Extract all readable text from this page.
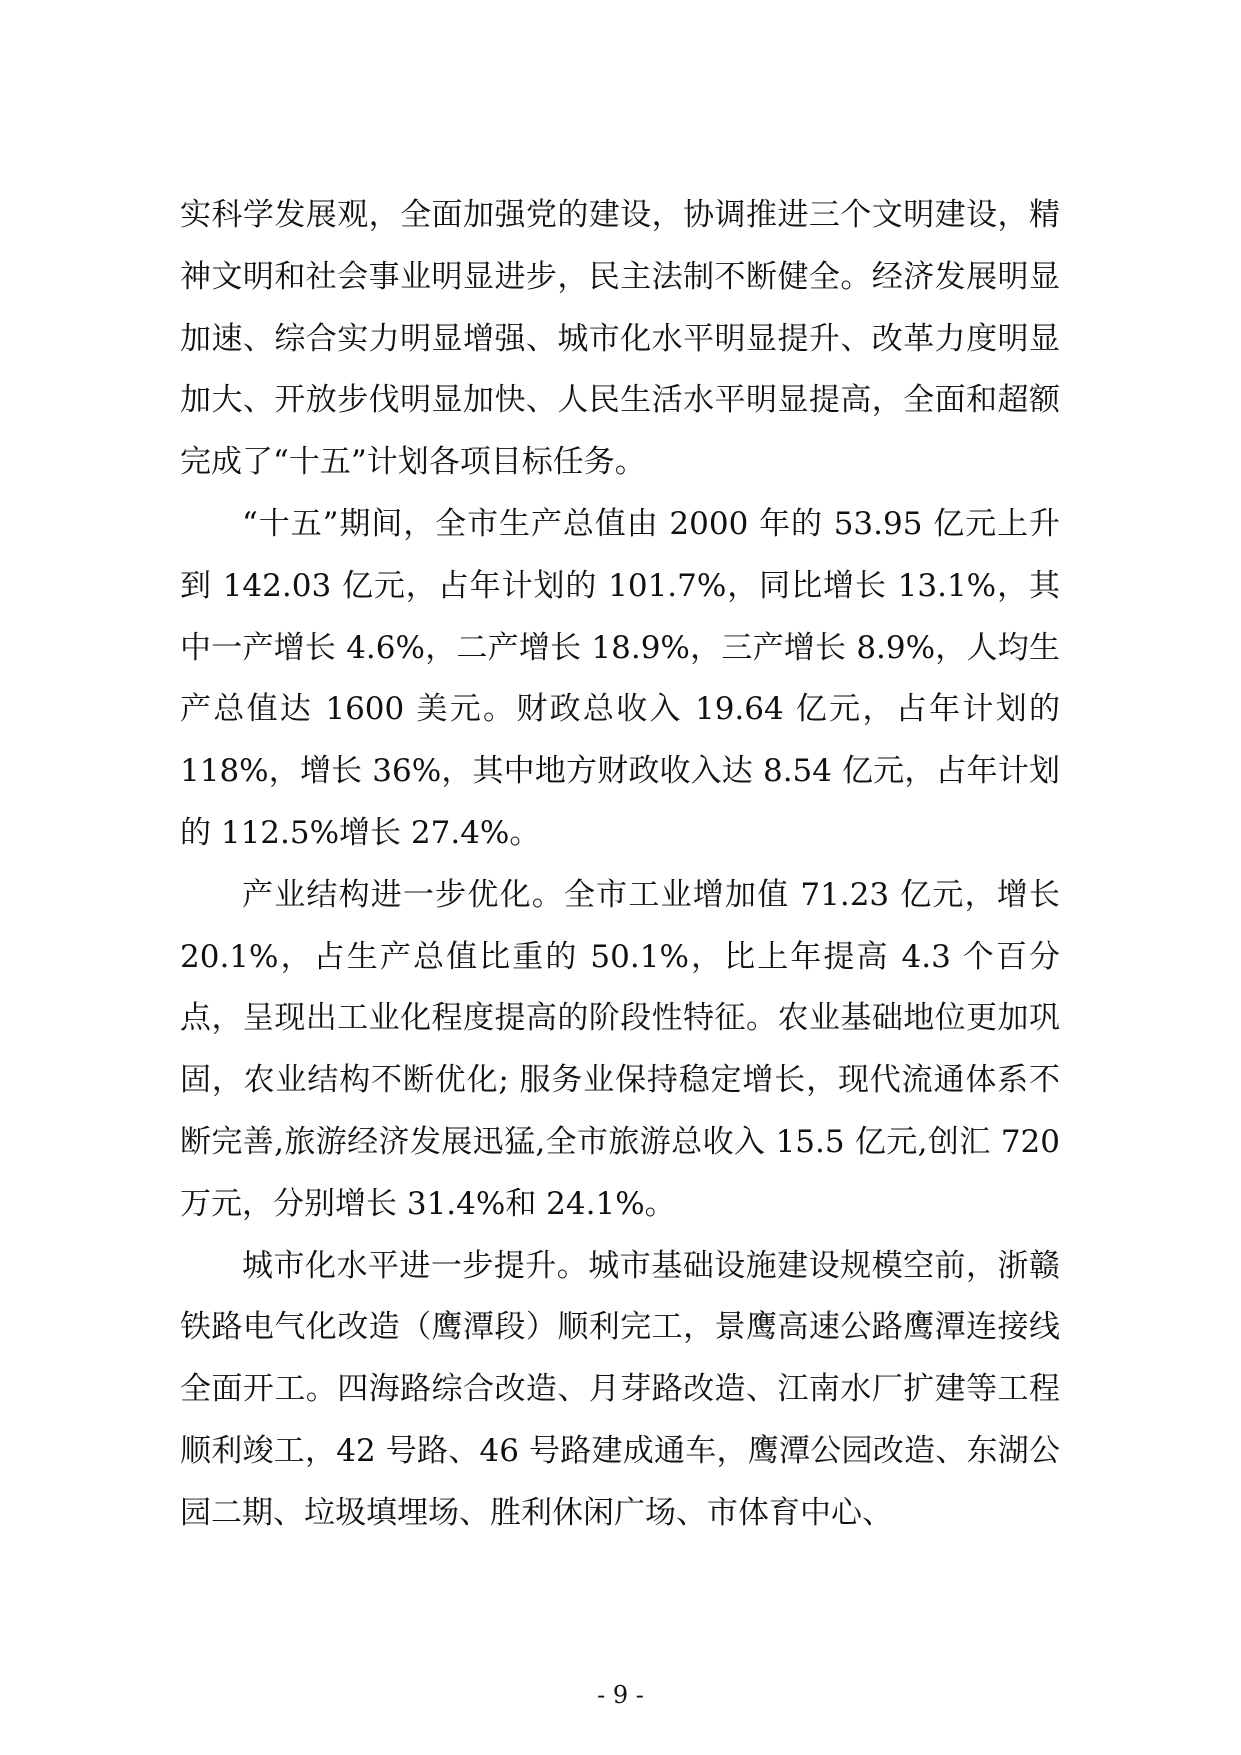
实科学发展观，全面加强党的建设，协调推进三个文明建设，精神文明和社会事业明显进步，民主法制不断健全。经济发展明显加速、综合实力明显增强、城市化水平明显提升、改革力度明显加大、开放步伐明显加快、人民生活水平明显提高，全面和超额完成了“十五”计划各项目标任务。

“十五”期间，全市生产总值由 2000 年的 53.95 亿元上升到 142.03 亿元，占年计划的 101.7%，同比增长 13.1%，其中一产增长 4.6%，二产增长 18.9%，三产增长 8.9%，人均生产总值达 1600 美元。财政总收入 19.64 亿元，占年计划的 118%，增长 36%，其中地方财政收入达 8.54 亿元，占年计划的 112.5%增长 27.4%。

产业结构进一步优化。全市工业增加值 71.23 亿元，增长 20.1%，占生产总值比重的 50.1%，比上年提高 4.3 个百分点，呈现出工业化程度提高的阶段性特征。农业基础地位更加巩固，农业结构不断优化; 服务业保持稳定增长，现代流通体系不断完善,旅游经济发展迅猛,全市旅游总收入 15.5 亿元,创汇 720 万元，分别增长 31.4%和 24.1%。

城市化水平进一步提升。城市基础设施建设规模空前，浙赣铁路电气化改造（鹰潭段）顺利完工，景鹰高速公路鹰潭连接线全面开工。四海路综合改造、月芽路改造、江南水厂扩建等工程顺利竣工，42 号路、46 号路建成通车，鹰潭公园改造、东湖公园二期、垃圾填埋场、胜利休闲广场、市体育中心、

- 9 -
